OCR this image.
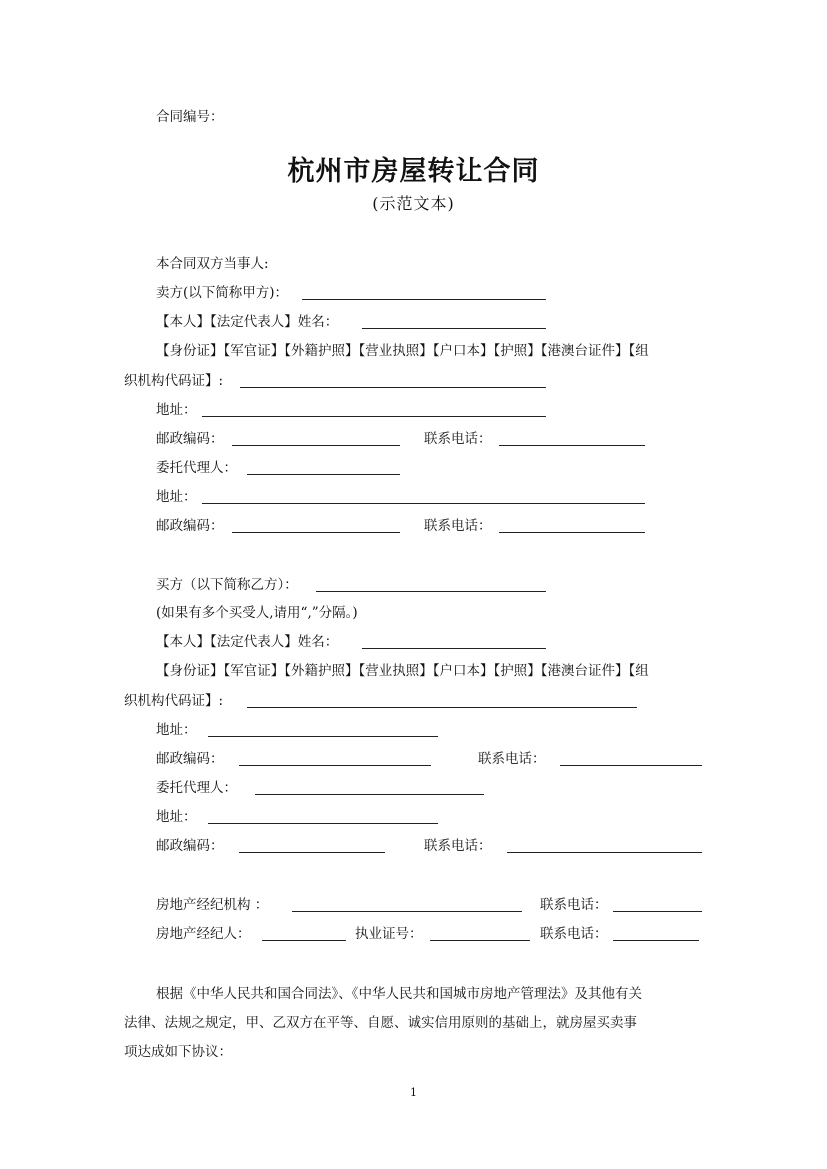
合同编号：
杭州市房屋转让合同
(示范文本)
本合同双方当事人:
卖方(以下简称甲方)：
【本人】【法定代表人】姓名：
【身份证】【军官证】【外籍护照】【营业执照】【户口本】【护照】【港澳台证件】【组
织机构代码证】:
地址：
邮政编码：	联系电话：
委托代理人：
地址：
邮政编码：	联系电话：
买方（以下简称乙方）：
(如果有多个买受人,请用“,”分隔。)
【本人】【法定代表人】姓名：
【身份证】【军官证】【外籍护照】【营业执照】【户口本】【护照】【港澳台证件】【组
织机构代码证】:
地址：
邮政编码：	联系电话：
委托代理人：
地址：
邮政编码：	联系电话：
房地产经纪机构 ：	联系电话：
房地产经纪人：	执业证号：	联系电话：
根据《中华人民共和国合同法》、《中华人民共和国城市房地产管理法》及其他有关
法律、法规之规定，甲、乙双方在平等、自愿、诚实信用原则的基础上，就房屋买卖事
项达成如下协议：
1
